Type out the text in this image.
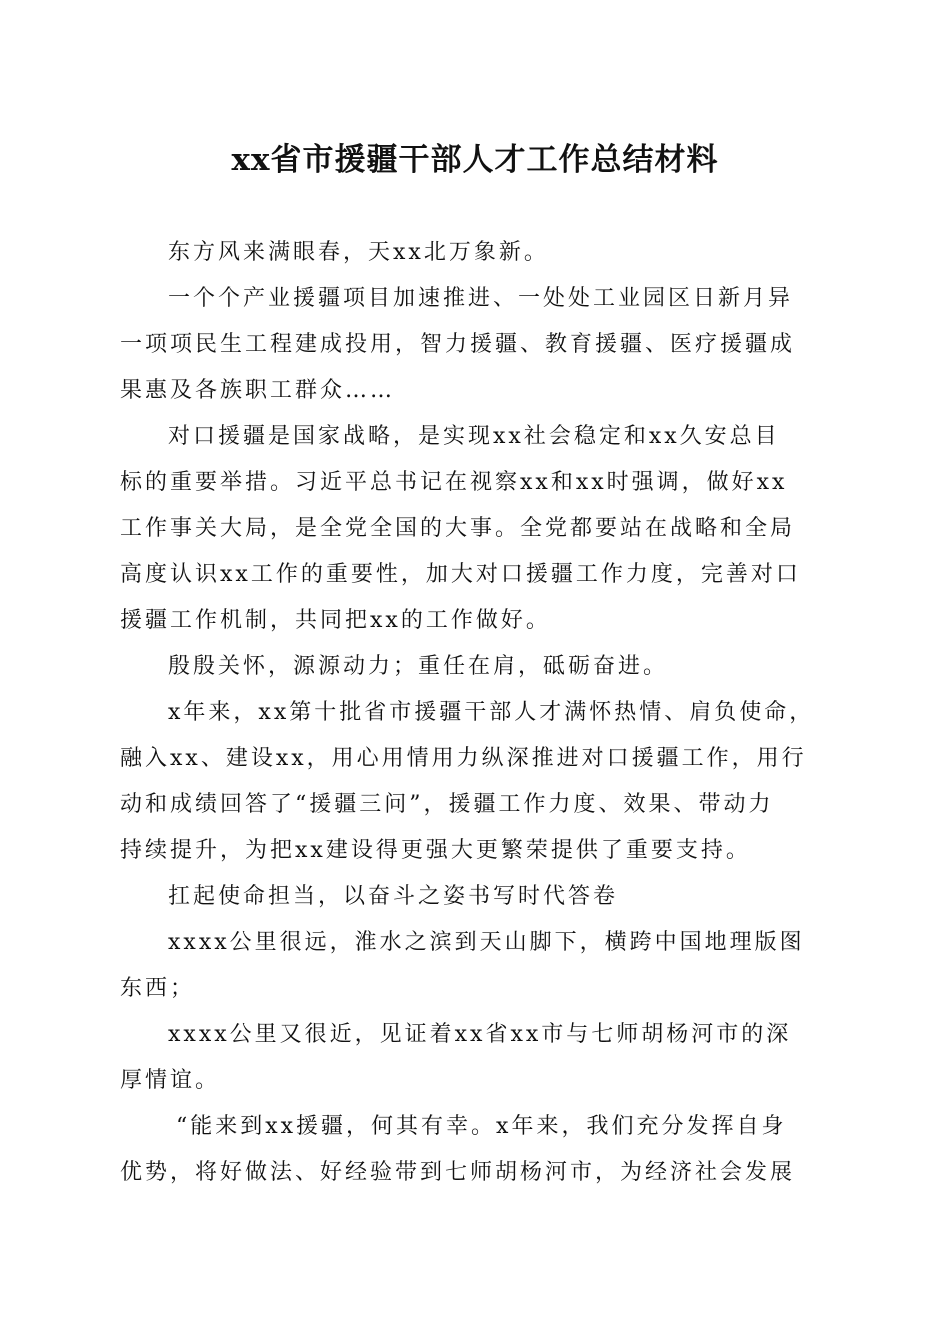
xx省市援疆干部人才工作总结材料

东方风来满眼春，天xx北万象新。

一个个产业援疆项目加速推进、一处处工业园区日新月异
一项项民生工程建成投用，智力援疆、教育援疆、医疗援疆成
果惠及各族职工群众……

对口援疆是国家战略，是实现xx社会稳定和xx久安总目
标的重要举措。习近平总书记在视察xx和xx时强调，做好xx
工作事关大局，是全党全国的大事。全党都要站在战略和全局
高度认识xx工作的重要性，加大对口援疆工作力度，完善对口
援疆工作机制，共同把xx的工作做好。

殷殷关怀，源源动力；重任在肩，砥砺奋进。

x年来，xx第十批省市援疆干部人才满怀热情、肩负使命，
融入xx、建设xx，用心用情用力纵深推进对口援疆工作，用行
动和成绩回答了“援疆三问”，援疆工作力度、效果、带动力
持续提升，为把xx建设得更强大更繁荣提供了重要支持。

扛起使命担当，以奋斗之姿书写时代答卷

xxxx公里很远，淮水之滨到天山脚下，横跨中国地理版图
东西；

xxxx公里又很近，见证着xx省xx市与七师胡杨河市的深
厚情谊。

“能来到xx援疆，何其有幸。x年来，我们充分发挥自身
优势，将好做法、好经验带到七师胡杨河市，为经济社会发展
